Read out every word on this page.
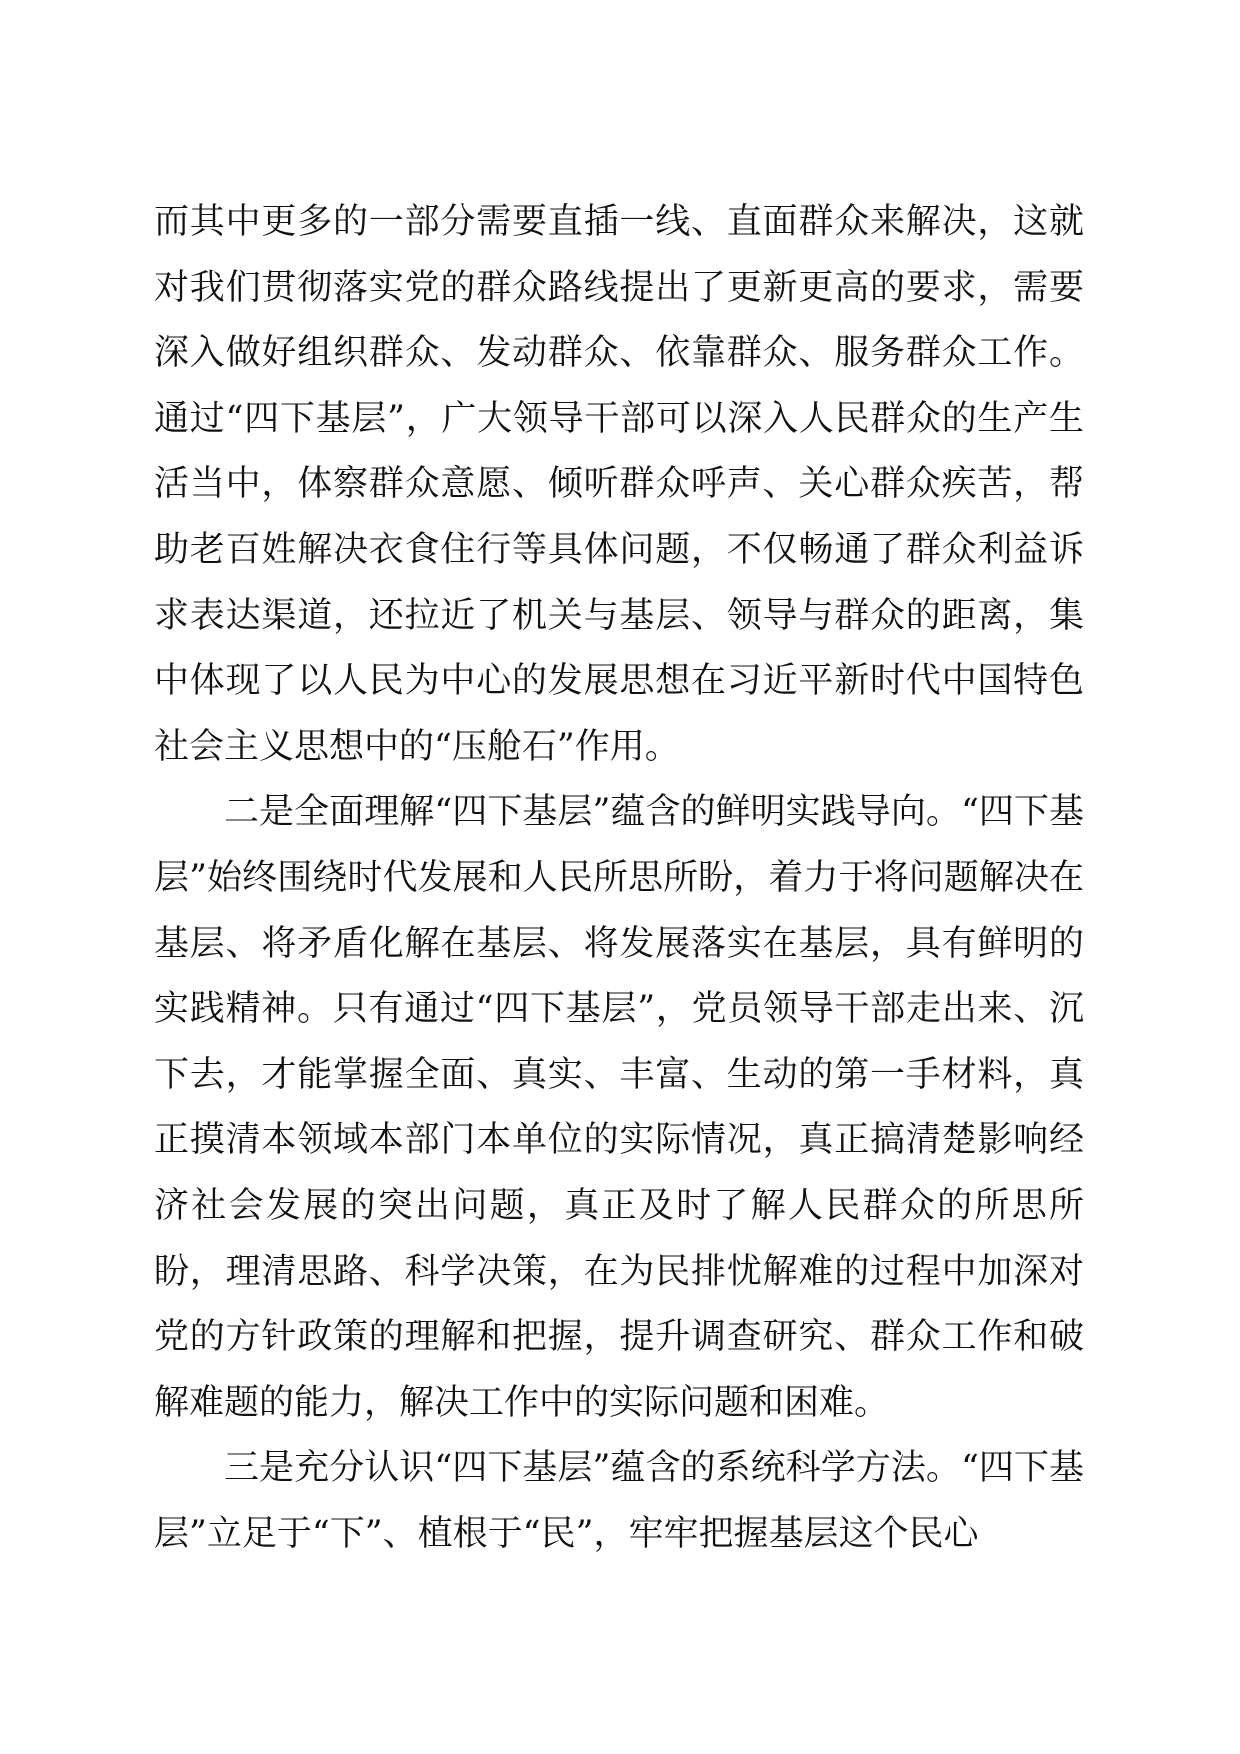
而其中更多的一部分需要直插一线、直面群众来解决，这就对我们贯彻落实党的群众路线提出了更新更高的要求，需要深入做好组织群众、发动群众、依靠群众、服务群众工作。通过“四下基层”，广大领导干部可以深入人民群众的生产生活当中，体察群众意愿、倾听群众呼声、关心群众疾苦，帮助老百姓解决衣食住行等具体问题，不仅畅通了群众利益诉求表达渠道，还拉近了机关与基层、领导与群众的距离，集中体现了以人民为中心的发展思想在习近平新时代中国特色社会主义思想中的“压舱石”作用。

二是全面理解“四下基层”蕴含的鲜明实践导向。“四下基层”始终围绕时代发展和人民所思所盼，着力于将问题解决在基层、将矛盾化解在基层、将发展落实在基层，具有鲜明的实践精神。只有通过“四下基层”，党员领导干部走出来、沉下去，才能掌握全面、真实、丰富、生动的第一手材料，真正摸清本领域本部门本单位的实际情况，真正搞清楚影响经济社会发展的突出问题，真正及时了解人民群众的所思所盼，理清思路、科学决策，在为民排忧解难的过程中加深对党的方针政策的理解和把握，提升调查研究、群众工作和破解难题的能力，解决工作中的实际问题和困难。

三是充分认识“四下基层”蕴含的系统科学方法。“四下基层”立足于“下”、植根于“民”，牢牢把握基层这个民心
